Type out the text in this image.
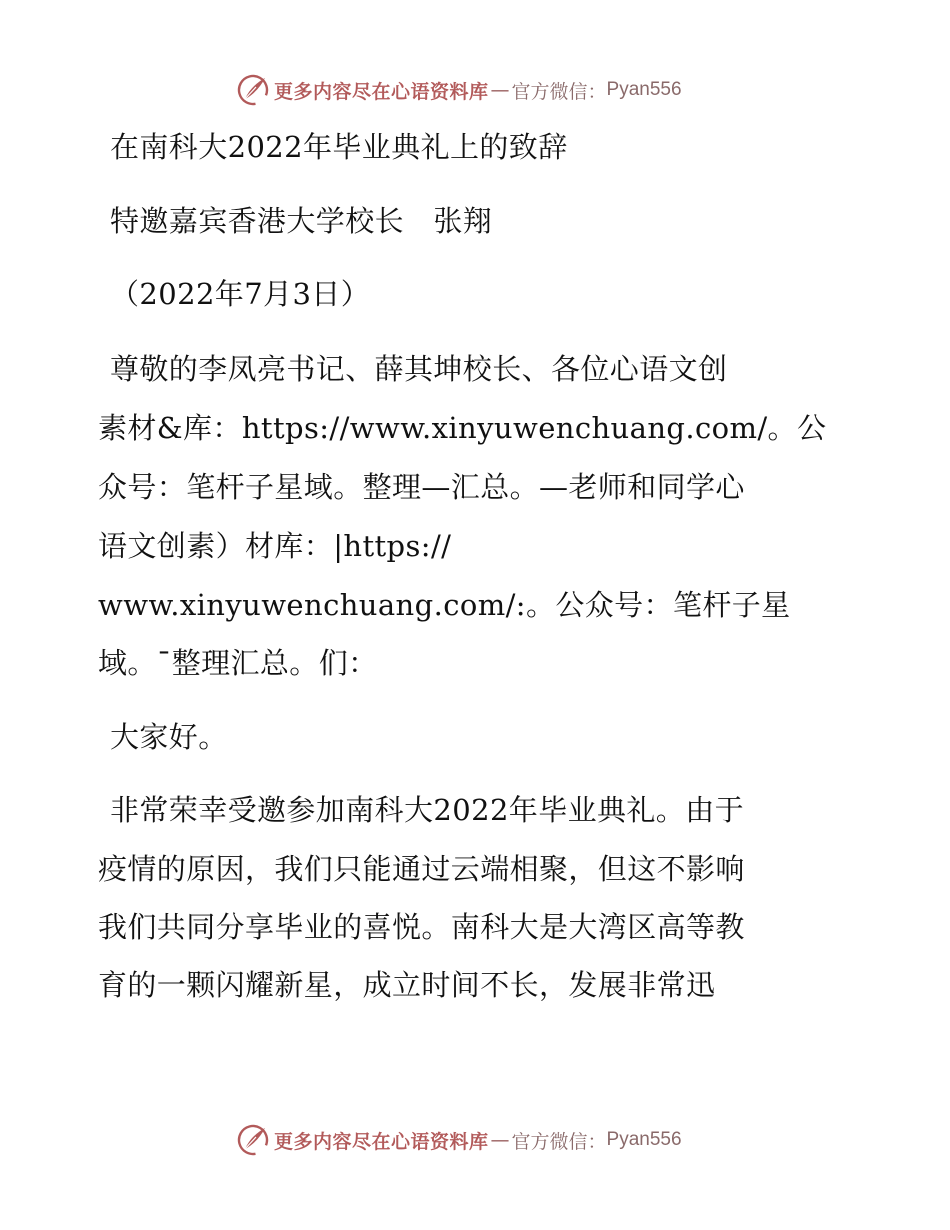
更多内容尽在心语资料库 — 官方微信： Pyan556
在南科大2022年毕业典礼上的致辞
特邀嘉宾香港大学校长　张翔
（2022年7月3日）
尊敬的李凤亮书记、薛其坤校长、各位心语文创
素材&库：https://www.xinyuwenchuang.com/。公
众号：笔杆子星域。整理—汇总。—老师和同学心
语文创素）材库：|https://
www.xinyuwenchuang.com/:。公众号：笔杆子星
域。¯整理汇总。们：
大家好。
非常荣幸受邀参加南科大2022年毕业典礼。由于
疫情的原因，我们只能通过云端相聚，但这不影响
我们共同分享毕业的喜悦。南科大是大湾区高等教
育的一颗闪耀新星，成立时间不长，发展非常迅
更多内容尽在心语资料库 — 官方微信： Pyan556
